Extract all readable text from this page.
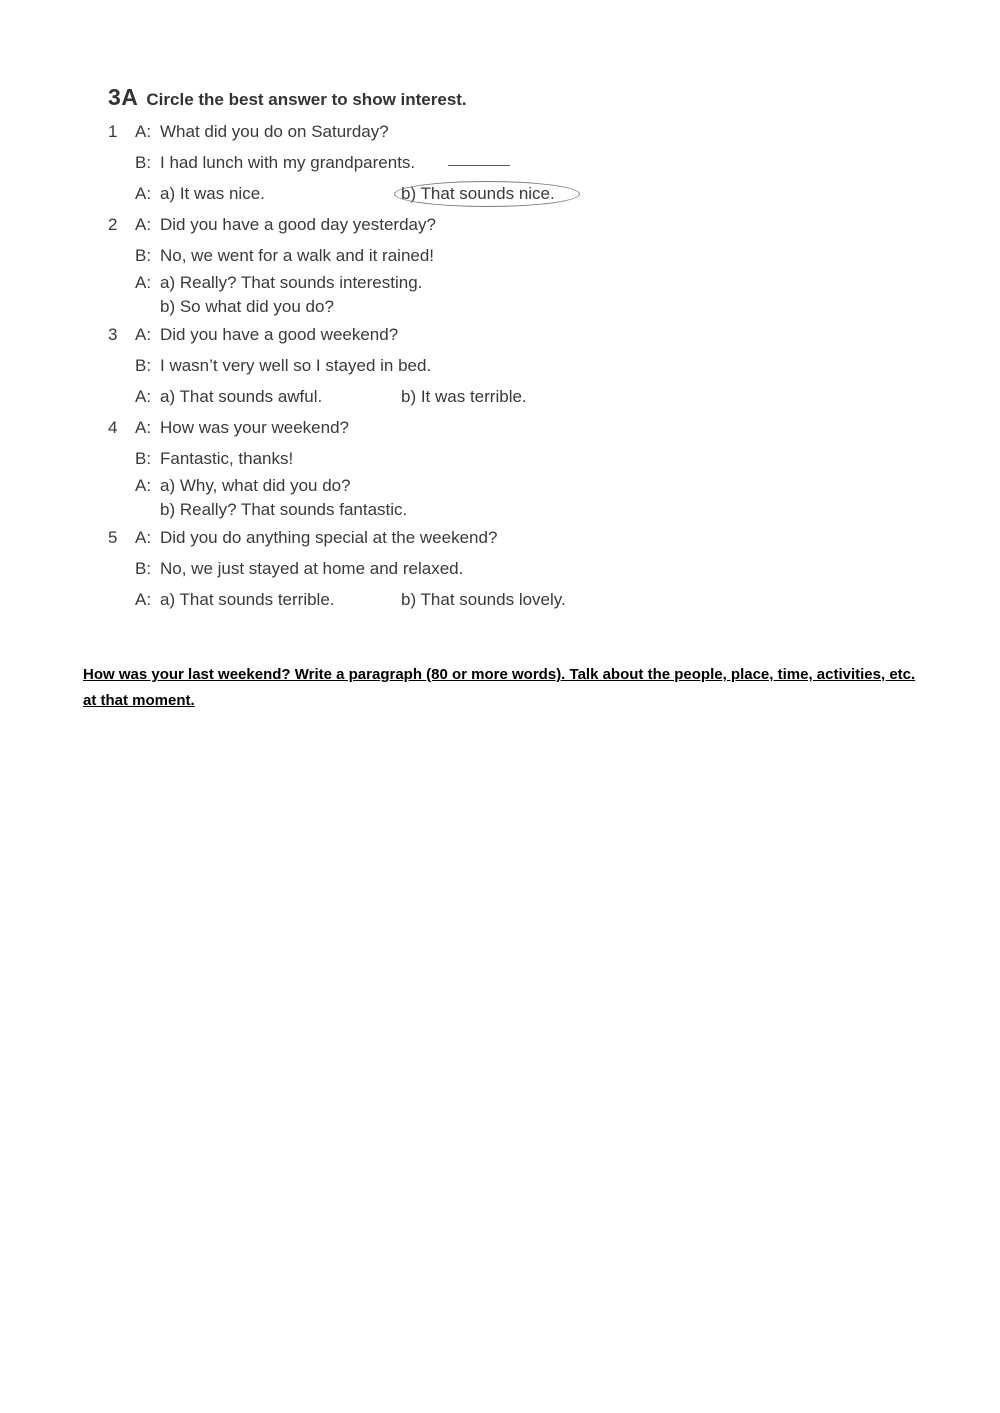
3A Circle the best answer to show interest.
1	A: What did you do on Saturday?
B: I had lunch with my grandparents.
A: a) It was nice.	b) That sounds nice.
2	A: Did you have a good day yesterday?
B: No, we went for a walk and it rained!
A: a) Really? That sounds interesting.
b) So what did you do?
3	A: Did you have a good weekend?
B: I wasn’t very well so I stayed in bed.
A: a) That sounds awful.	b) It was terrible.
4	A: How was your weekend?
B: Fantastic, thanks!
A: a) Why, what did you do?
b) Really? That sounds fantastic.
5	A: Did you do anything special at the weekend?
B: No, we just stayed at home and relaxed.
A: a) That sounds terrible.	b) That sounds lovely.
How was your last weekend? Write a paragraph (80 or more words). Talk about the people, place, time, activities, etc. at that moment.
